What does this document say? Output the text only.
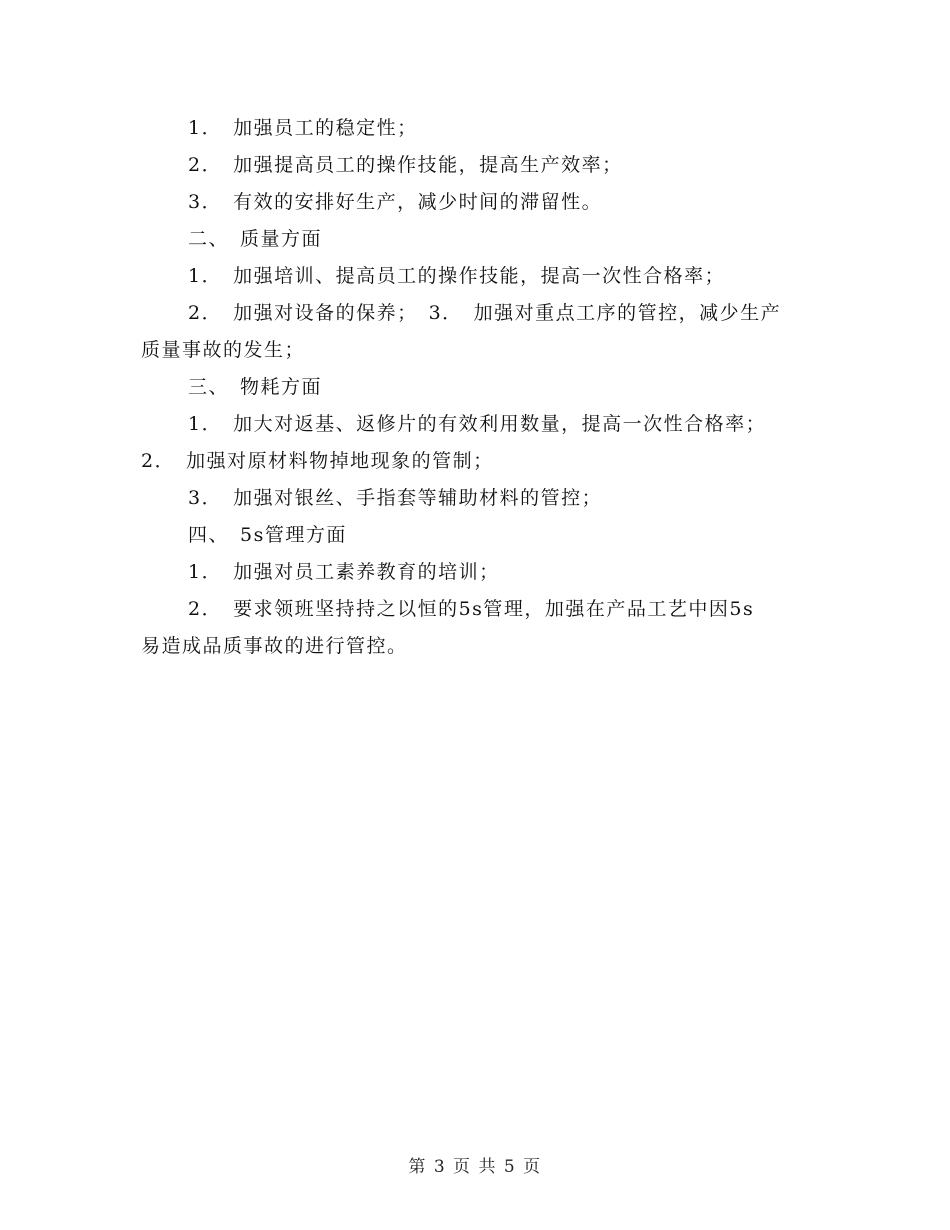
1．　加强员工的稳定性；
2．　加强提高员工的操作技能，提高生产效率；
3．　有效的安排好生产，减少时间的滞留性。
二、　质量方面
1．　加强培训、提高员工的操作技能，提高一次性合格率；
2．　加强对设备的保养；　3．　加强对重点工序的管控，减少生产
质量事故的发生；
三、　物耗方面
1．　加大对返基、返修片的有效利用数量，提高一次性合格率；
2．　加强对原材料物掉地现象的管制；
3．　加强对银丝、手指套等辅助材料的管控；
四、　5s管理方面
1．　加强对员工素养教育的培训；
2．　要求领班坚持持之以恒的5s管理，加强在产品工艺中因5s
易造成品质事故的进行管控。
第 3 页 共 5 页
